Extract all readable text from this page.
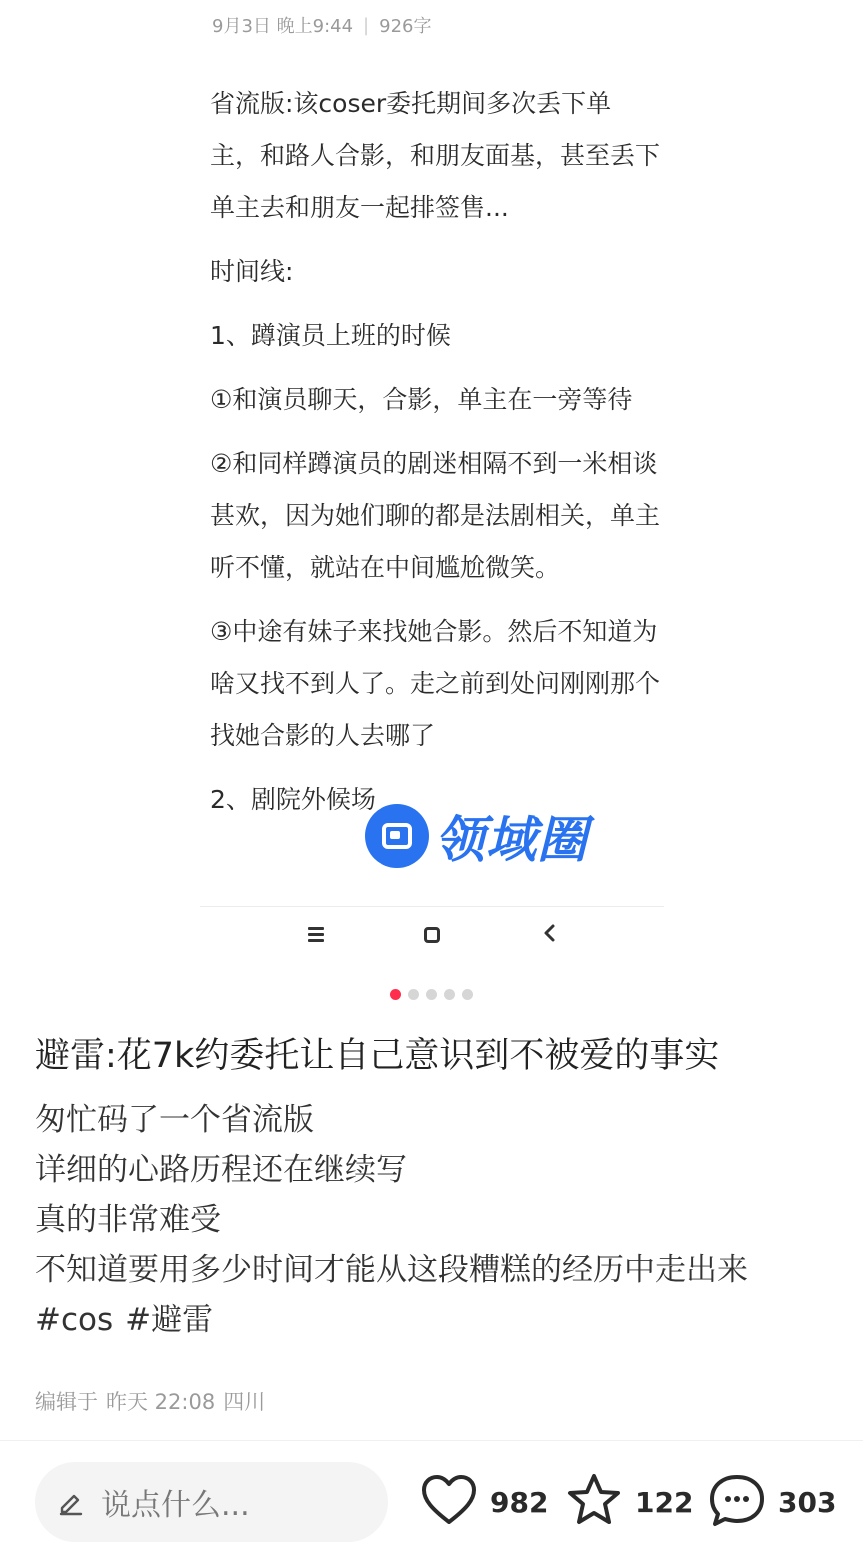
9月3日 晚上9:44 | 926字

省流版:该coser委托期间多次丢下单主，和路人合影，和朋友面基，甚至丢下单主去和朋友一起排签售...

时间线:

1、蹲演员上班的时候

①和演员聊天，合影，单主在一旁等待

②和同样蹲演员的剧迷相隔不到一米相谈甚欢，因为她们聊的都是法剧相关，单主听不懂，就站在中间尴尬微笑。

③中途有妹子来找她合影。然后不知道为啥又找不到人了。走之前到处问刚刚那个找她合影的人去哪了

2、剧院外候场

领域圈
避雷:花7k约委托让自己意识到不被爱的事实
匆忙码了一个省流版
详细的心路历程还在继续写
真的非常难受
不知道要用多少时间才能从这段糟糕的经历中走出来
#cos #避雷
编辑于 昨天 22:08 四川
说点什么...	982	122	303
